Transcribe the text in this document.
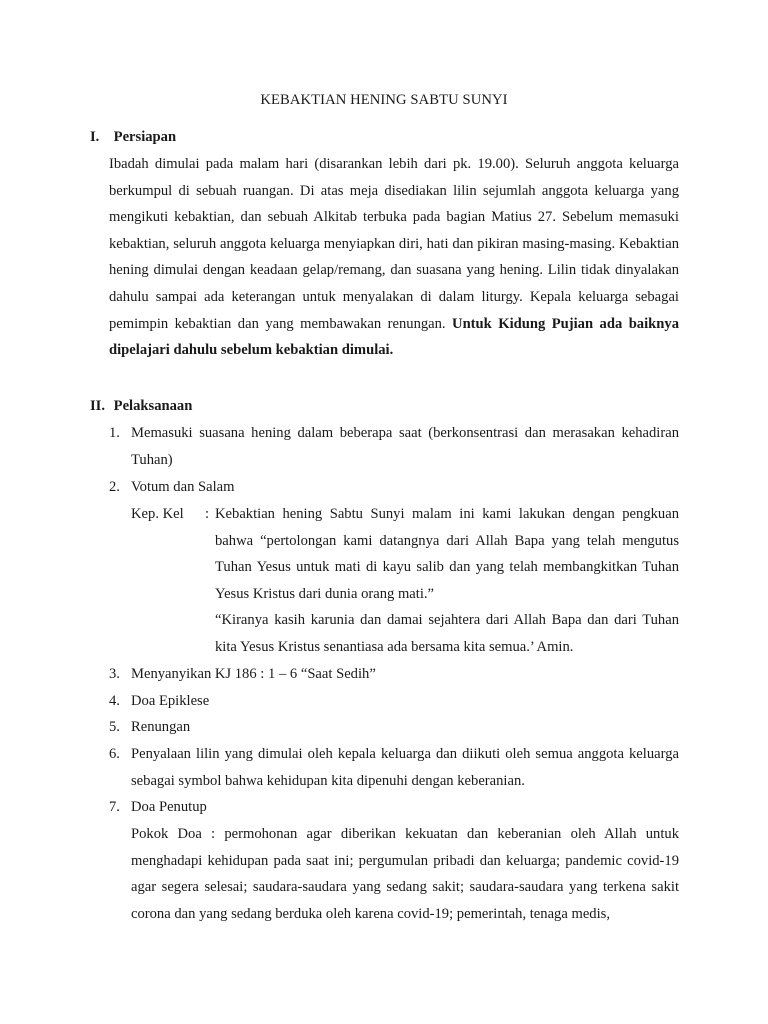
KEBAKTIAN HENING SABTU SUNYI
I. Persiapan
Ibadah dimulai pada malam hari (disarankan lebih dari pk. 19.00). Seluruh anggota keluarga berkumpul di sebuah ruangan. Di atas meja disediakan lilin sejumlah anggota keluarga yang mengikuti kebaktian, dan sebuah Alkitab terbuka pada bagian Matius 27. Sebelum memasuki kebaktian, seluruh anggota keluarga menyiapkan diri, hati dan pikiran masing-masing. Kebaktian hening dimulai dengan keadaan gelap/remang, dan suasana yang hening. Lilin tidak dinyalakan dahulu sampai ada keterangan untuk menyalakan di dalam liturgy. Kepala keluarga sebagai pemimpin kebaktian dan yang membawakan renungan. Untuk Kidung Pujian ada baiknya dipelajari dahulu sebelum kebaktian dimulai.
II. Pelaksanaan
1. Memasuki suasana hening dalam beberapa saat (berkonsentrasi dan merasakan kehadiran Tuhan)
2. Votum dan Salam
Kep. Kel : Kebaktian hening Sabtu Sunyi malam ini kami lakukan dengan pengkuan bahwa “pertolongan kami datangnya dari Allah Bapa yang telah mengutus Tuhan Yesus untuk mati di kayu salib dan yang telah membangkitkan Tuhan Yesus Kristus dari dunia orang mati.”

“Kiranya kasih karunia dan damai sejahtera dari Allah Bapa dan dari Tuhan kita Yesus Kristus senantiasa ada bersama kita semua.’ Amin.

3. Menyanyikan KJ 186 : 1 – 6 “Saat Sedih”
4. Doa Epiklese
5. Renungan
6. Penyalaan lilin yang dimulai oleh kepala keluarga dan diikuti oleh semua anggota keluarga sebagai symbol bahwa kehidupan kita dipenuhi dengan keberanian.
7. Doa Penutup
Pokok Doa : permohonan agar diberikan kekuatan dan keberanian oleh Allah untuk menghadapi kehidupan pada saat ini; pergumulan pribadi dan keluarga; pandemic covid-19 agar segera selesai; saudara-saudara yang sedang sakit; saudara-saudara yang terkena sakit corona dan yang sedang berduka oleh karena covid-19; pemerintah, tenaga medis,
